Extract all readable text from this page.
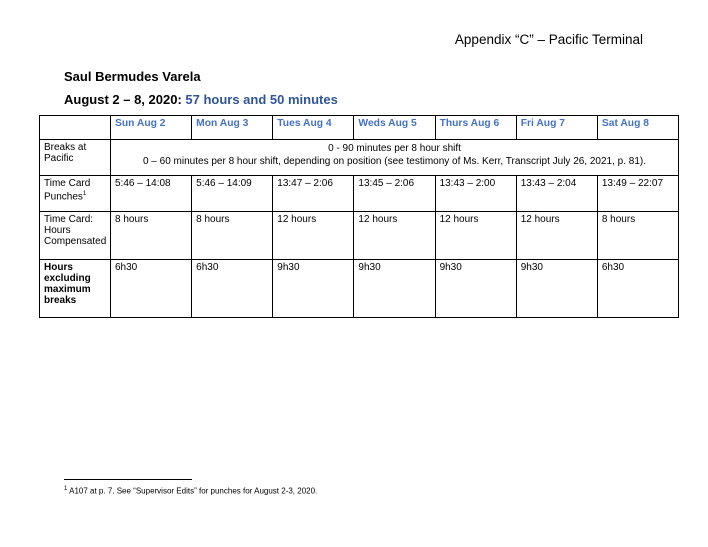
Appendix “C” – Pacific Terminal
Saul Bermudes Varela
August 2 – 8, 2020: 57 hours and 50 minutes
	Sun Aug 2	Mon Aug 3	Tues Aug 4	Weds Aug 5	Thurs Aug 6	Fri Aug 7	Sat Aug 8
Breaks at Pacific	0 - 90 minutes per 8 hour shift
0 – 60 minutes per 8 hour shift, depending on position (see testimony of Ms. Kerr, Transcript July 26, 2021, p. 81).						

Time Card Punches$^1$	5:46 – 14:08	5:46 – 14:09	13:47 – 2:06	13:45 – 2:06	13:43 – 2:00	13:43 – 2:04	13:49 – 22:07
Time Card: Hours Compensated	8 hours	8 hours	12 hours	12 hours	12 hours	12 hours	8 hours
Hours excluding maximum breaks	6h30	6h30	9h30	9h30	9h30	9h30	6h30
$^1$ A107 at p. 7. See “Supervisor Edits” for punches for August 2-3, 2020.
